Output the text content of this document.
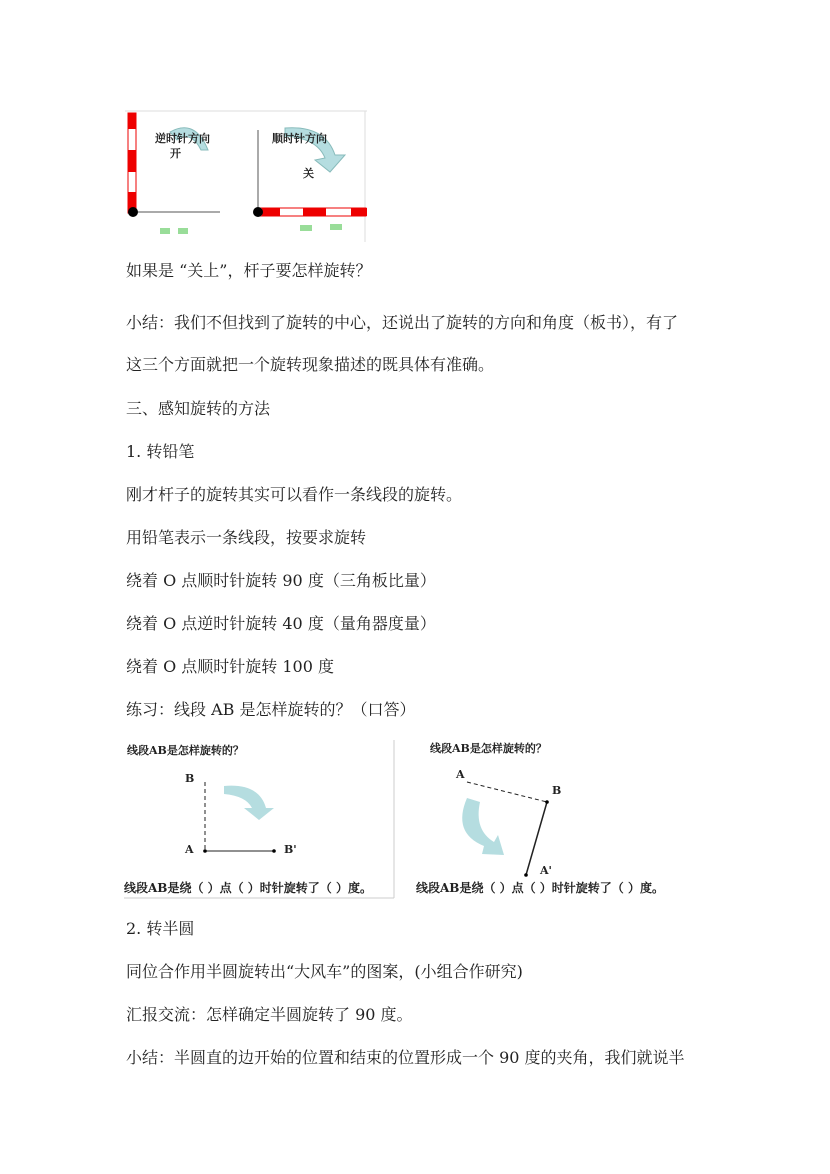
逆时针方向
开
顺时针方向
关
如果是 “关上”，杆子要怎样旋转？
小结：我们不但找到了旋转的中心，还说出了旋转的方向和角度（板书），有了
这三个方面就把一个旋转现象描述的既具体有准确。
三、感知旋转的方法
1. 转铅笔
刚才杆子的旋转其实可以看作一条线段的旋转。
用铅笔表示一条线段，按要求旋转
绕着 O 点顺时针旋转 90 度（三角板比量）
绕着 O 点逆时针旋转 40 度（量角器度量）
绕着 O 点顺时针旋转 100 度
练习：线段 AB 是怎样旋转的？（口答）
线段AB是怎样旋转的？
B
A	B'
线段AB是绕（ ）点（ ）时针旋转了（ ）度。
线段AB是怎样旋转的？
A
B
A'
线段AB是绕（ ）点（ ）时针旋转了（ ）度。
2. 转半圆
同位合作用半圆旋转出“大风车”的图案，(小组合作研究)
汇报交流：怎样确定半圆旋转了 90 度。
小结：半圆直的边开始的位置和结束的位置形成一个 90 度的夹角，我们就说半
